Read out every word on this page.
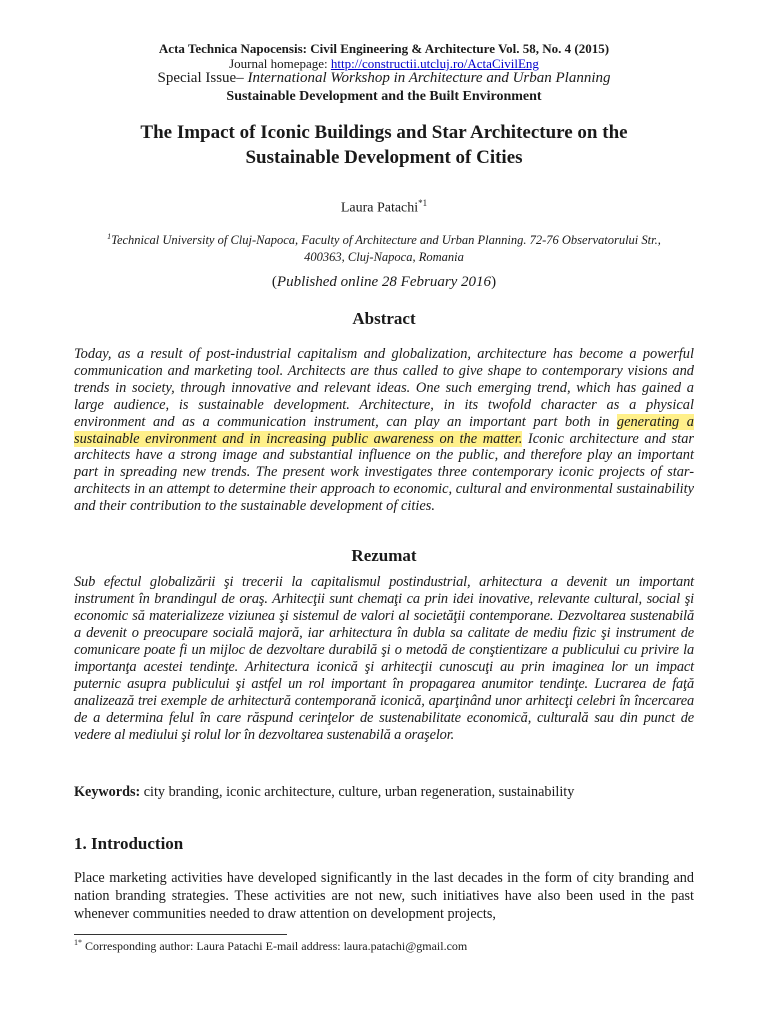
Acta Technica Napocensis: Civil Engineering & Architecture Vol. 58, No. 4 (2015)
Journal homepage: http://constructii.utcluj.ro/ActaCivilEng
Special Issue– International Workshop in Architecture and Urban Planning
Sustainable Development and the Built Environment
The Impact of Iconic Buildings and Star Architecture on the
Sustainable Development of Cities
Laura Patachi$^{*1}$
$^1$Technical University of Cluj-Napoca, Faculty of Architecture and Urban Planning. 72-76 Observatorului Str.,
400363, Cluj-Napoca, Romania
(Published online 28 February 2016)
Abstract
Today, as a result of post-industrial capitalism and globalization, architecture has become a powerful communication and marketing tool. Architects are thus called to give shape to contemporary visions and trends in society, through innovative and relevant ideas. One such emerging trend, which has gained a large audience, is sustainable development. Architecture, in its twofold character as a physical environment and as a communication instrument, can play an important part both in generating a sustainable environment and in increasing public awareness on the matter. Iconic architecture and star architects have a strong image and substantial influence on the public, and therefore play an important part in spreading new trends. The present work investigates three contemporary iconic projects of star-architects in an attempt to determine their approach to economic, cultural and environmental sustainability and their contribution to the sustainable development of cities.
Rezumat
Sub efectul globalizării şi trecerii la capitalismul postindustrial, arhitectura a devenit un important instrument în brandingul de oraş. Arhitecţii sunt chemaţi ca prin idei inovative, relevante cultural, social şi economic să materializeze viziunea şi sistemul de valori al societăţii contemporane. Dezvoltarea sustenabilă a devenit o preocupare socială majoră, iar arhitectura în dubla sa calitate de mediu fizic şi instrument de comunicare poate fi un mijloc de dezvoltare durabilă şi o metodă de conştientizare a publicului cu privire la importanţa acestei tendinţe. Arhitectura iconică şi arhitecţii cunoscuţi au prin imaginea lor un impact puternic asupra publicului şi astfel un rol important în propagarea anumitor tendinţe. Lucrarea de faţă analizează trei exemple de arhitectură contemporană iconică, aparţinând unor arhitecţi celebri în încercarea de a determina felul în care răspund cerinţelor de sustenabilitate economică, culturală sau din punct de vedere al mediului şi rolul lor în dezvoltarea sustenabilă a oraşelor.
Keywords: city branding, iconic architecture, culture, urban regeneration, sustainability
1. Introduction
Place marketing activities have developed significantly in the last decades in the form of city branding and nation branding strategies. These activities are not new, such initiatives have also been used in the past whenever communities needed to draw attention on development projects,
$^{1*}$ Corresponding author: Laura Patachi E-mail address: laura.patachi@gmail.com
